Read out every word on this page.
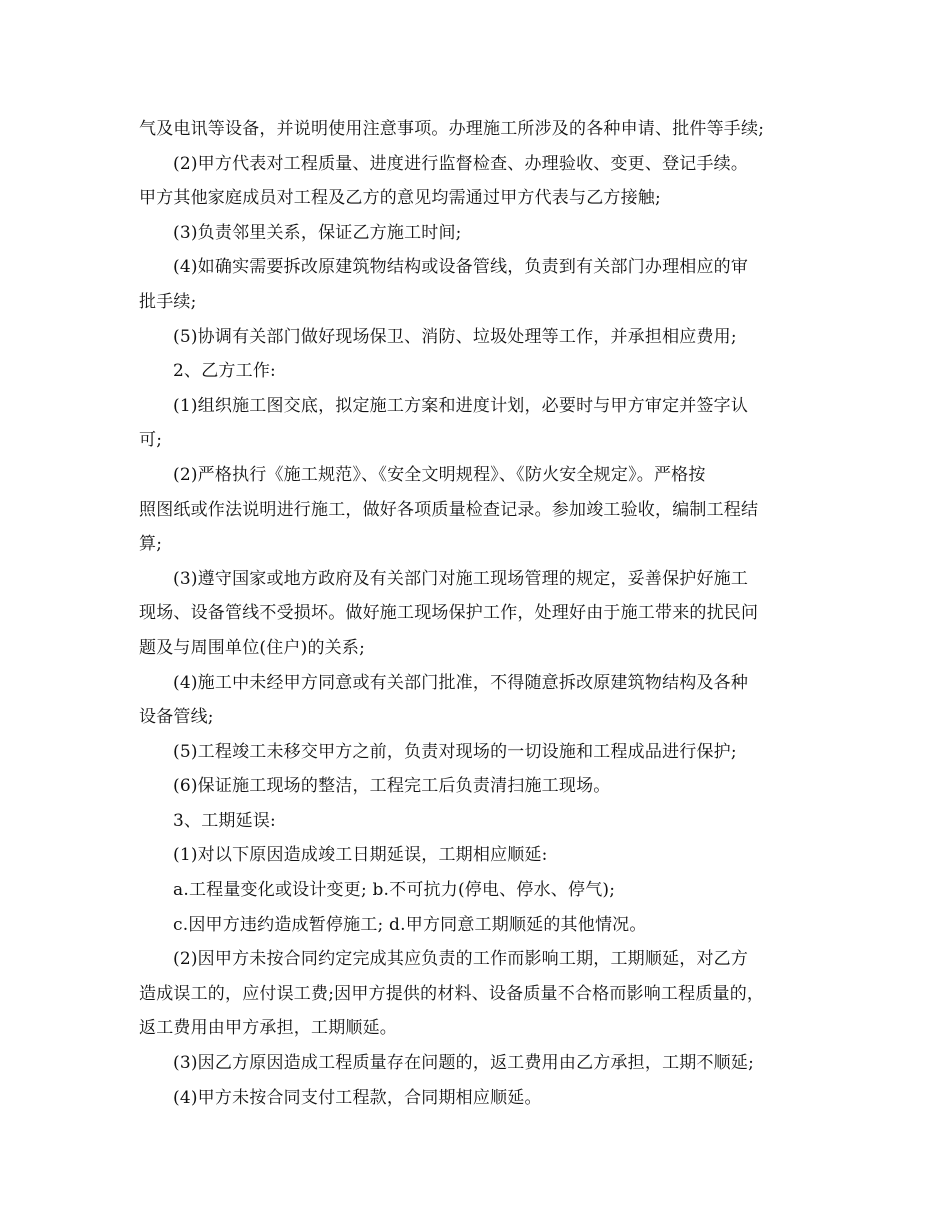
气及电讯等设备，并说明使用注意事项。办理施工所涉及的各种申请、批件等手续;
(2)甲方代表对工程质量、进度进行监督检查、办理验收、变更、登记手续。
甲方其他家庭成员对工程及乙方的意见均需通过甲方代表与乙方接触;
(3)负责邻里关系，保证乙方施工时间;
(4)如确实需要拆改原建筑物结构或设备管线，负责到有关部门办理相应的审
批手续;
(5)协调有关部门做好现场保卫、消防、垃圾处理等工作，并承担相应费用;
2、乙方工作:
(1)组织施工图交底，拟定施工方案和进度计划，必要时与甲方审定并签字认
可;
(2)严格执行《施工规范》、《安全文明规程》、《防火安全规定》。严格按
照图纸或作法说明进行施工，做好各项质量检查记录。参加竣工验收，编制工程结
算;
(3)遵守国家或地方政府及有关部门对施工现场管理的规定，妥善保护好施工
现场、设备管线不受损坏。做好施工现场保护工作，处理好由于施工带来的扰民问
题及与周围单位(住户)的关系;
(4)施工中未经甲方同意或有关部门批准，不得随意拆改原建筑物结构及各种
设备管线;
(5)工程竣工未移交甲方之前，负责对现场的一切设施和工程成品进行保护;
(6)保证施工现场的整洁，工程完工后负责清扫施工现场。
3、工期延误:
(1)对以下原因造成竣工日期延误，工期相应顺延:
a.工程量变化或设计变更; b.不可抗力(停电、停水、停气);
c.因甲方违约造成暂停施工; d.甲方同意工期顺延的其他情况。
(2)因甲方未按合同约定完成其应负责的工作而影响工期，工期顺延，对乙方
造成误工的，应付误工费;因甲方提供的材料、设备质量不合格而影响工程质量的，
返工费用由甲方承担，工期顺延。
(3)因乙方原因造成工程质量存在问题的，返工费用由乙方承担，工期不顺延;
(4)甲方未按合同支付工程款，合同期相应顺延。
